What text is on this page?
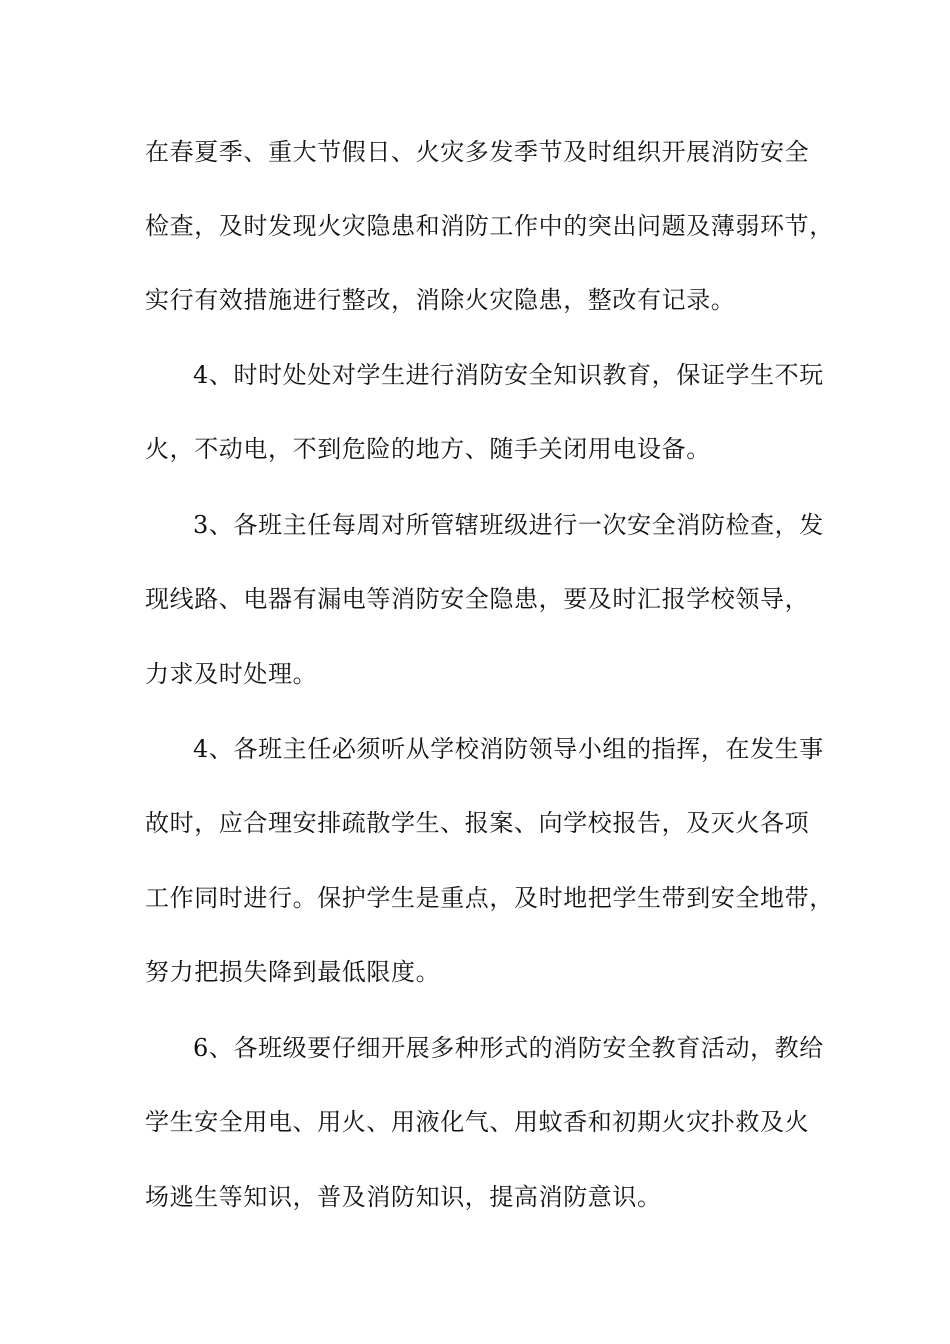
在春夏季、重大节假日、火灾多发季节及时组织开展消防安全
检查，及时发现火灾隐患和消防工作中的突出问题及薄弱环节，
实行有效措施进行整改，消除火灾隐患，整改有记录。
4、时时处处对学生进行消防安全知识教育，保证学生不玩
火，不动电，不到危险的地方、随手关闭用电设备。
3、各班主任每周对所管辖班级进行一次安全消防检查，发
现线路、电器有漏电等消防安全隐患，要及时汇报学校领导，
力求及时处理。
4、各班主任必须听从学校消防领导小组的指挥，在发生事
故时，应合理安排疏散学生、报案、向学校报告，及灭火各项
工作同时进行。保护学生是重点，及时地把学生带到安全地带，
努力把损失降到最低限度。
6、各班级要仔细开展多种形式的消防安全教育活动，教给
学生安全用电、用火、用液化气、用蚊香和初期火灾扑救及火
场逃生等知识，普及消防知识，提高消防意识。
